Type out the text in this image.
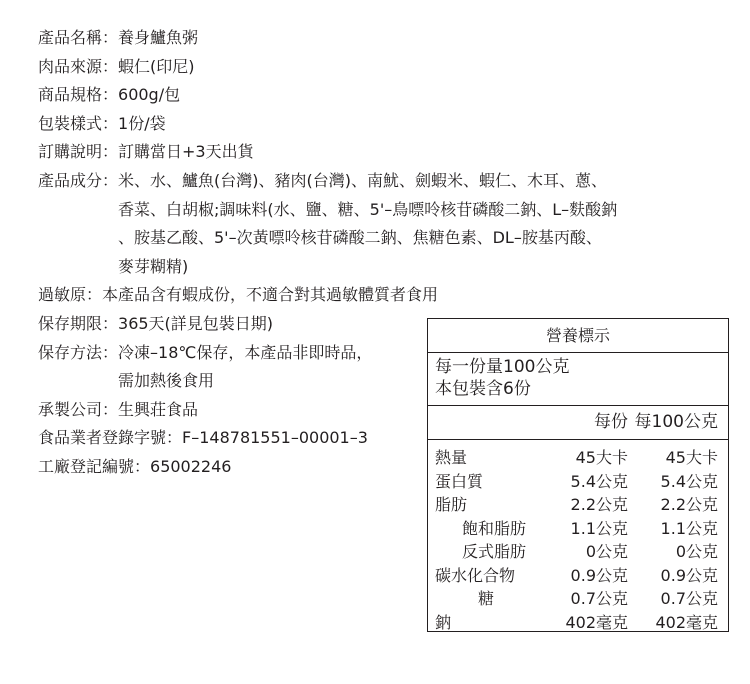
產品名稱： 養身鱸魚粥
肉品來源： 蝦仁(印尼)
商品規格： 600g/包
包裝樣式： 1份/袋
訂購說明： 訂購當日+3天出貨
產品成分：米、水、鱸魚(台灣)、豬肉(台灣)、南魷、劍蝦米、蝦仁、木耳、蔥、
香菜、白胡椒;調味料(水、鹽、糖、5'–鳥嘌呤核苷磷酸二鈉、L–麩酸鈉
、胺基乙酸、5'–次黃嘌呤核苷磷酸二鈉、焦糖色素、DL–胺基丙酸、
麥芽糊精)
過敏原： 本產品含有蝦成份，不適合對其過敏體質者食用
保存期限： 365天(詳見包裝日期)
保存方法：冷凍–18℃保存，本產品非即時品，
需加熱後食用
承製公司： 生興荘食品
食品業者登錄字號： F–148781551–00001–3
工廠登記編號： 65002246
營養標示
每一份量100公克
本包裝含6份
每份 每100公克
熱量	45大卡	45大卡
蛋白質	5.4公克	5.4公克
脂肪	2.2公克	2.2公克
飽和脂肪	1.1公克	1.1公克
反式脂肪	0公克	0公克
碳水化合物	0.9公克	0.9公克
糖	0.7公克	0.7公克
鈉	402毫克	402毫克
